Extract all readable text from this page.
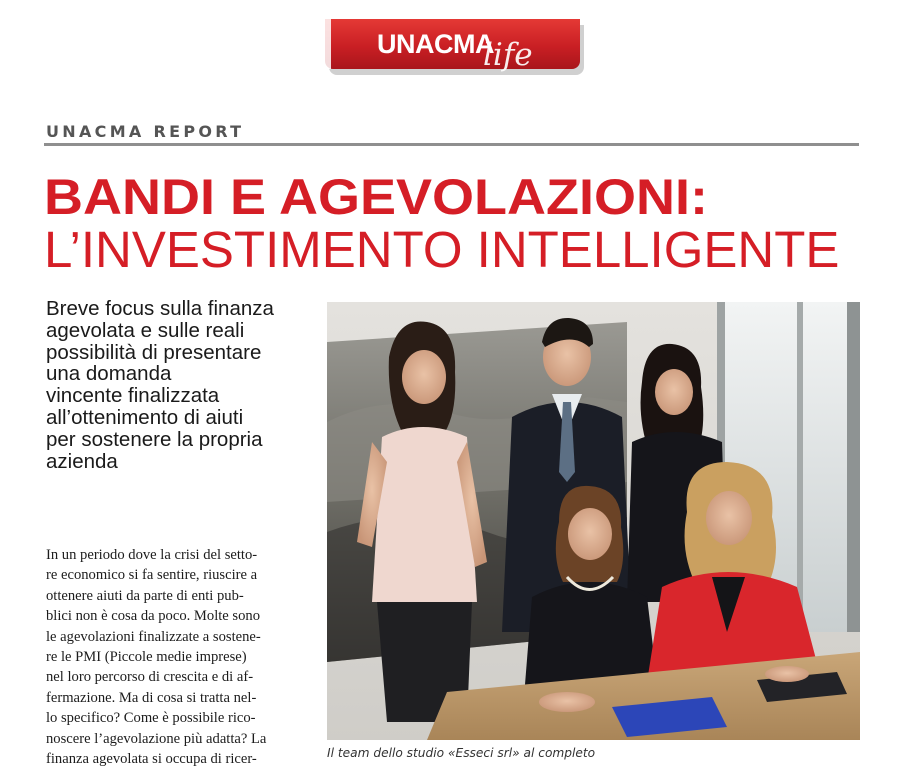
UNACMA
life
UNACMA REPORT
BANDI E AGEVOLAZIONI:
L’INVESTIMENTO INTELLIGENTE
Breve focus sulla finanza
agevolata e sulle reali
possibilità di presentare
una domanda
vincente finalizzata
all’ottenimento di aiuti
per sostenere la propria
azienda
In un periodo dove la crisi del setto-
re economico si fa sentire, riuscire a
ottenere aiuti da parte di enti pub-
blici non è cosa da poco. Molte sono
le agevolazioni finalizzate a sostene-
re le PMI (Piccole medie imprese)
nel loro percorso di crescita e di af-
fermazione. Ma di cosa si tratta nel-
lo specifico? Come è possibile rico-
noscere l’agevolazione più adatta? La
finanza agevolata si occupa di ricer-	Il team dello studio «Esseci srl» al completo
